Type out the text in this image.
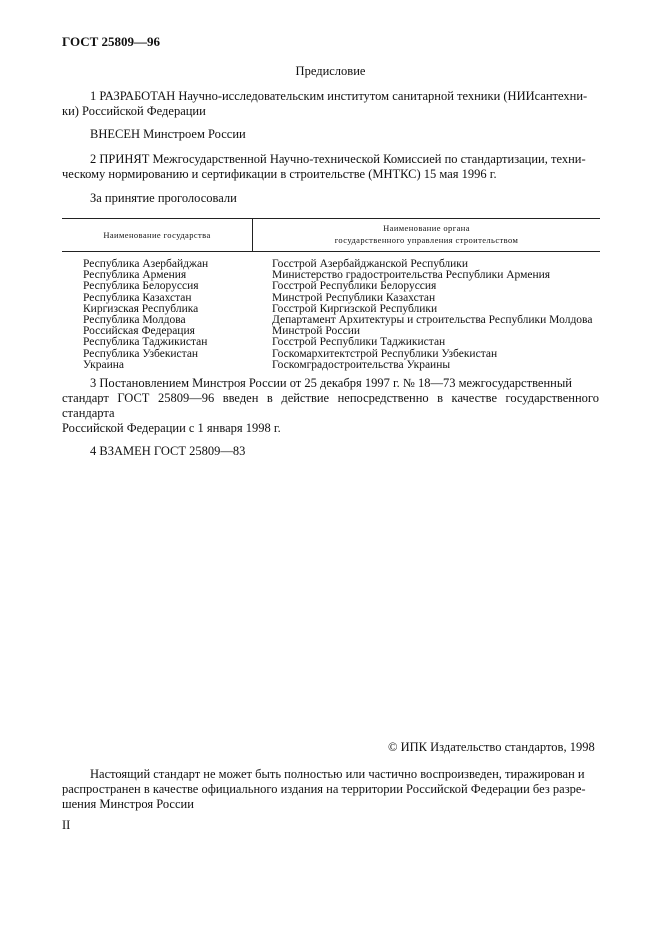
ГОСТ 25809—96
Предисловие
1 РАЗРАБОТАН Научно-исследовательским институтом санитарной техники (НИИсантехни-
ки) Российской Федерации
ВНЕСЕН Минстроем России
2 ПРИНЯТ Межгосударственной Научно-технической Комиссией по стандартизации, техни-
ческому нормированию и сертификации в строительстве (МНТКС) 15 мая 1996 г.
За принятие проголосовали
Наименование государства
Наименование органа
государственного управления строительством
Республика Азербайджан
Республика Армения
Республика Белоруссия
Республика Казахстан
Киргизская Республика
Республика Молдова
Российская Федерация
Республика Таджикистан
Республика Узбекистан
Украина
Госстрой Азербайджанской Республики
Министерство градостроительства Республики Армения
Госстрой Республики Белоруссия
Минстрой Республики Казахстан
Госстрой Киргизской Республики
Департамент Архитектуры и строительства Республики Молдова
Минстрой России
Госстрой Республики Таджикистан
Госкомархитектстрой Республики Узбекистан
Госкомградостроительства Украины
3 Постановлением Минстроя России от 25 декабря 1997 г. № 18—73 межгосударственный
стандарт ГОСТ 25809—96 введен в действие непосредственно в качестве государственного стандарта
Российской Федерации с 1 января 1998 г.
4 ВЗАМЕН ГОСТ 25809—83
© ИПК Издательство стандартов, 1998
Настоящий стандарт не может быть полностью или частично воспроизведен, тиражирован и
распространен в качестве официального издания на территории Российской Федерации без разре-
шения Минстроя России
II
